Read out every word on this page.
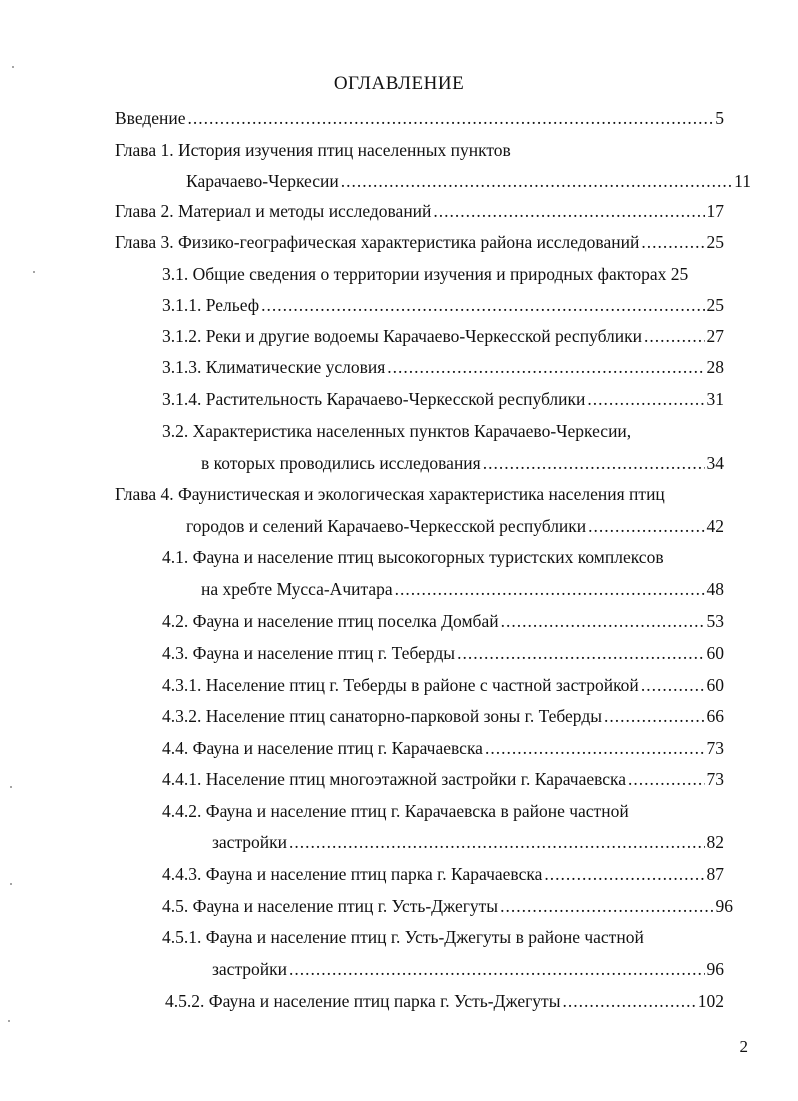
ОГЛАВЛЕНИЕ
Введение .....	5
Глава 1. История изучения птиц населенных пунктов
Карачаево-Черкесии .....	11
Глава 2. Материал и методы исследований .....	17
Глава 3. Физико-географическая характеристика района исследований .....	25
3.1. Общие сведения о территории изучения и природных факторах 25
3.1.1. Рельеф .....	25
3.1.2. Реки и другие водоемы Карачаево-Черкесской республики .....	27
3.1.3. Климатические условия .....	28
3.1.4. Растительность Карачаево-Черкесской республики .....	31
3.2. Характеристика населенных пунктов Карачаево-Черкесии,
в которых проводились исследования .....	34
Глава 4. Фаунистическая и экологическая характеристика населения птиц
городов и селений Карачаево-Черкесской республики .....	42
4.1. Фауна и население птиц высокогорных туристских комплексов
на хребте Мусса-Ачитара .....	48
4.2. Фауна и население птиц поселка Домбай .....	53
4.3. Фауна и население птиц г. Теберды .....	60
4.3.1. Население птиц г. Теберды в районе с частной застройкой .....	60
4.3.2. Население птиц санаторно-парковой зоны г. Теберды .....	66
4.4. Фауна и население птиц г. Карачаевска .....	73
4.4.1. Население птиц многоэтажной застройки г. Карачаевска .....	73
4.4.2. Фауна и население птиц г. Карачаевска в районе частной
застройки .....	82
4.4.3. Фауна и население птиц парка г. Карачаевска .....	87
4.5. Фауна и население птиц г. Усть-Джегуты .....	96
4.5.1. Фауна и население птиц г. Усть-Джегуты в районе частной
застройки .....	96
4.5.2. Фауна и население птиц парка г. Усть-Джегуты .....	102
2
